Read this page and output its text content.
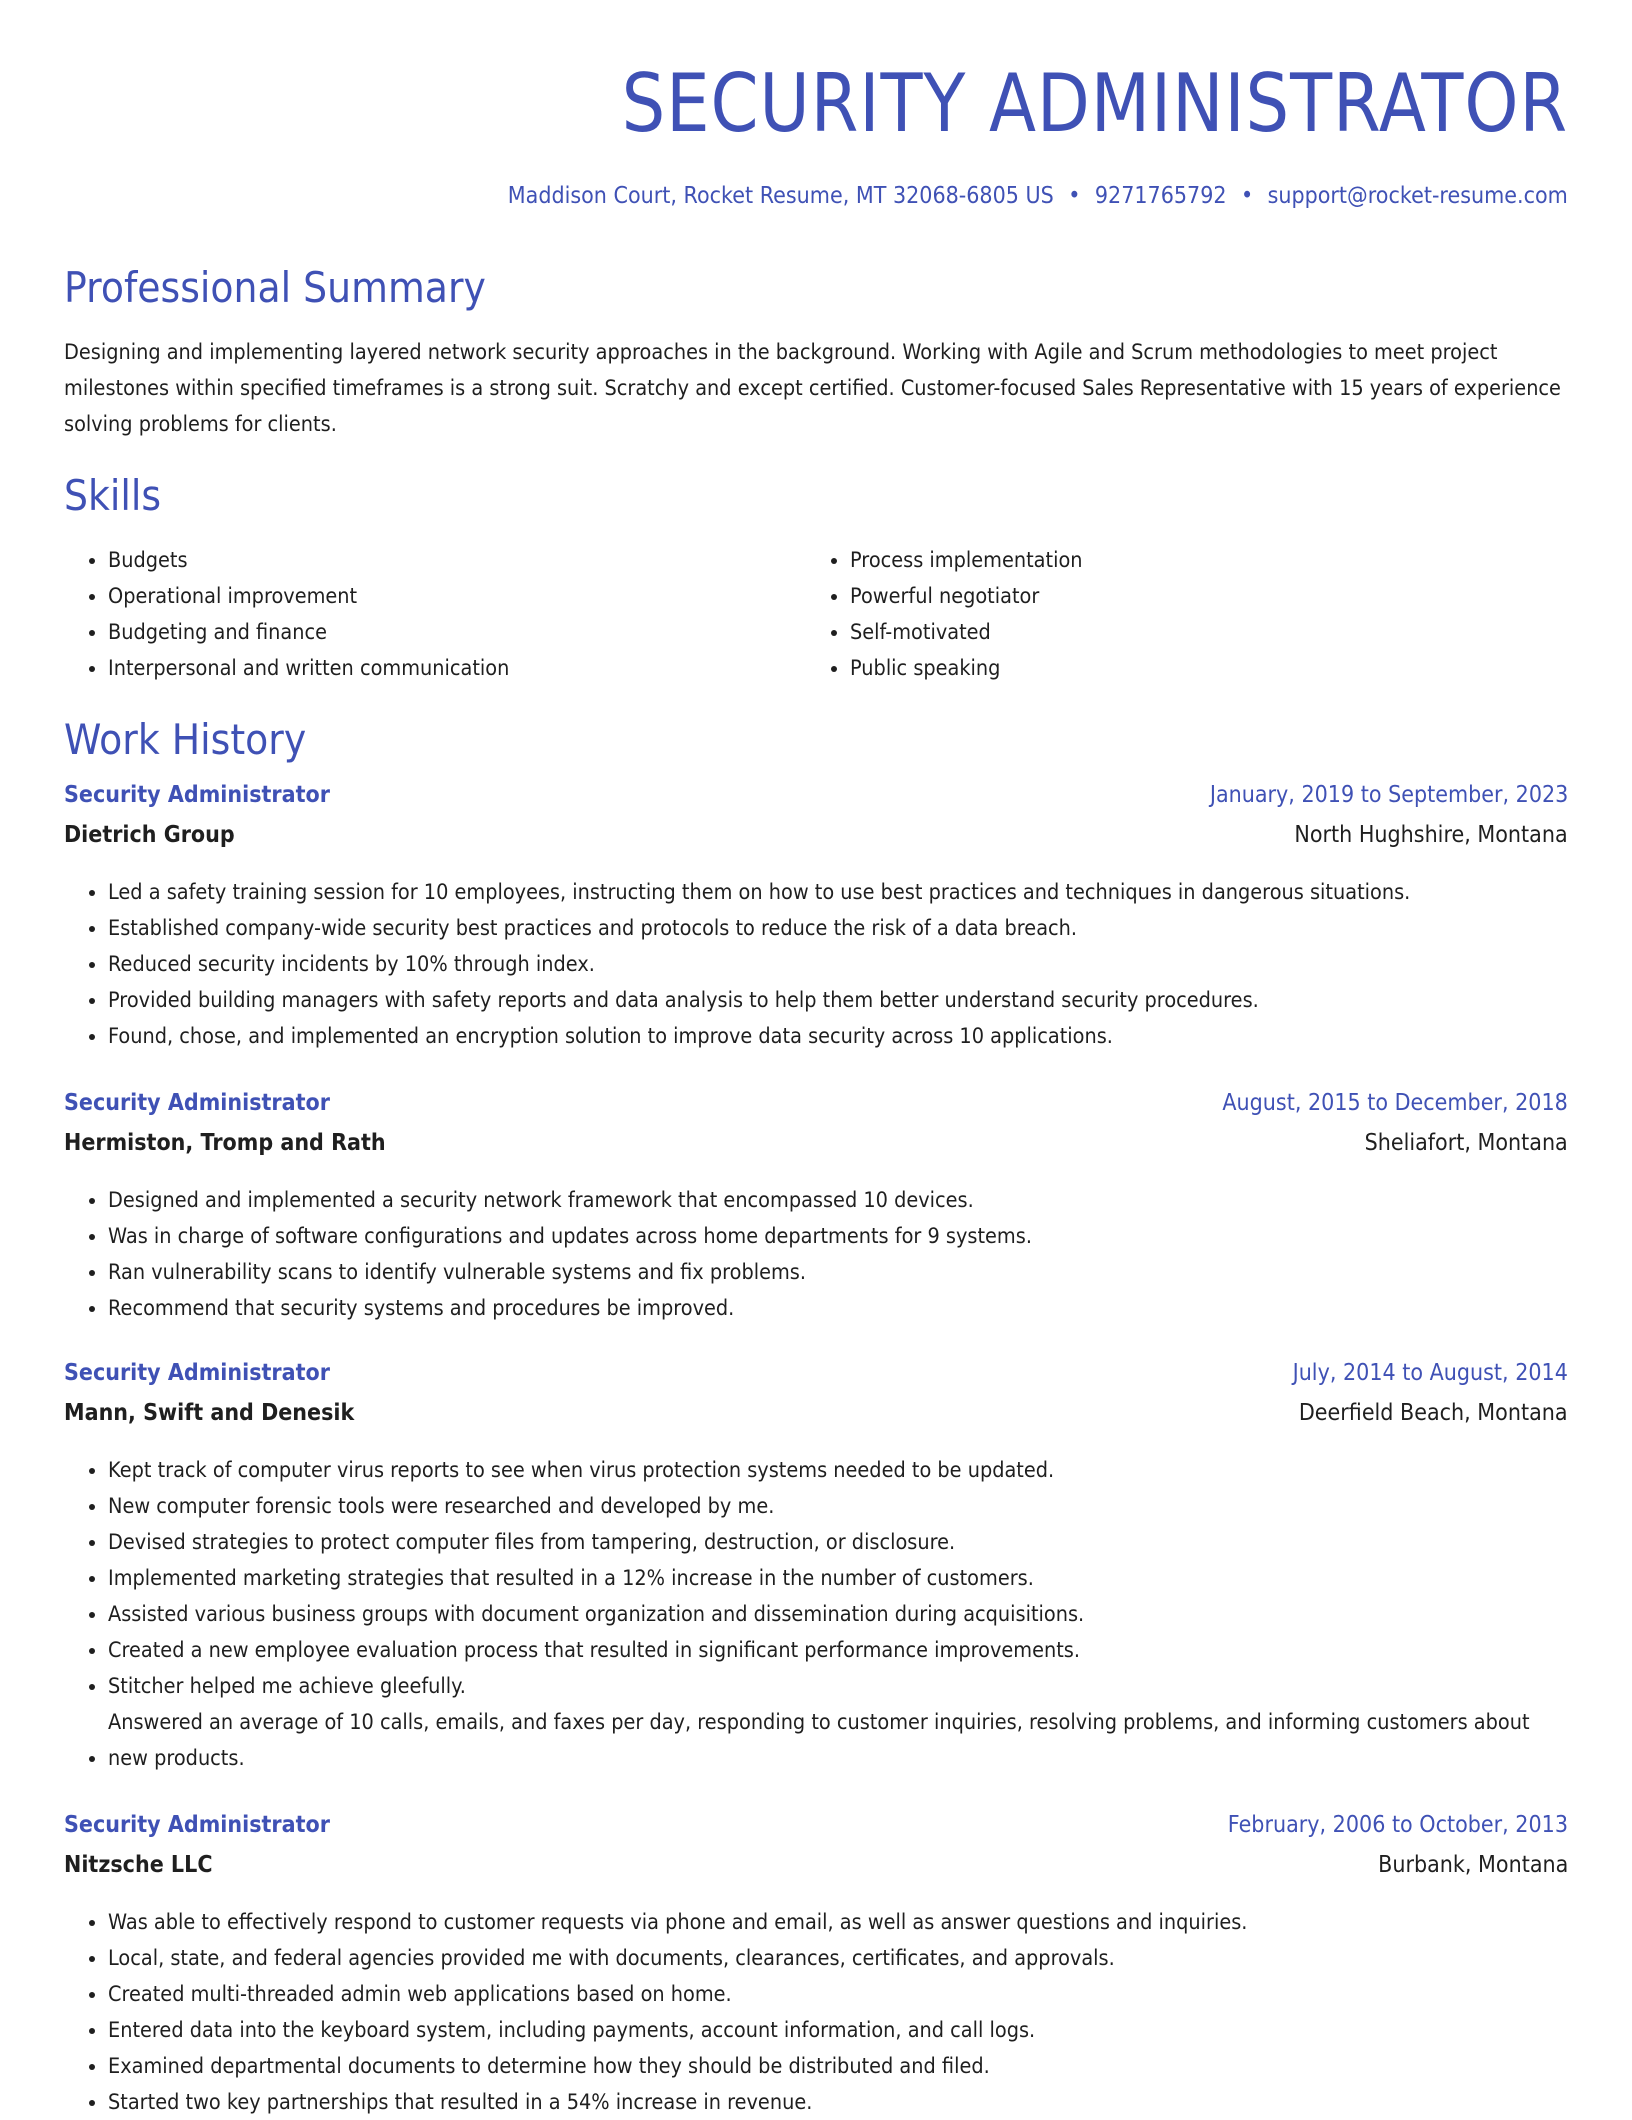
SECURITY ADMINISTRATOR
Maddison Court, Rocket Resume, MT 32068-6805 US • 9271765792 • support@rocket-resume.com
Professional Summary
Designing and implementing layered network security approaches in the background. Working with Agile and Scrum methodologies to meet project milestones within specified timeframes is a strong suit. Scratchy and except certified. Customer-focused Sales Representative with 15 years of experience solving problems for clients.
Skills
• Budgets
• Operational improvement
• Budgeting and finance
• Interpersonal and written communication
• Process implementation
• Powerful negotiator
• Self-motivated
• Public speaking
Work History
Security Administrator	January, 2019 to September, 2023
Dietrich Group	North Hughshire, Montana
• Led a safety training session for 10 employees, instructing them on how to use best practices and techniques in dangerous situations.
• Established company-wide security best practices and protocols to reduce the risk of a data breach.
• Reduced security incidents by 10% through index.
• Provided building managers with safety reports and data analysis to help them better understand security procedures.
• Found, chose, and implemented an encryption solution to improve data security across 10 applications.
Security Administrator	August, 2015 to December, 2018
Hermiston, Tromp and Rath	Sheliafort, Montana
• Designed and implemented a security network framework that encompassed 10 devices.
• Was in charge of software configurations and updates across home departments for 9 systems.
• Ran vulnerability scans to identify vulnerable systems and fix problems.
• Recommend that security systems and procedures be improved.
Security Administrator	July, 2014 to August, 2014
Mann, Swift and Denesik	Deerfield Beach, Montana
• Kept track of computer virus reports to see when virus protection systems needed to be updated.
• New computer forensic tools were researched and developed by me.
• Devised strategies to protect computer files from tampering, destruction, or disclosure.
• Implemented marketing strategies that resulted in a 12% increase in the number of customers.
• Assisted various business groups with document organization and dissemination during acquisitions.
• Created a new employee evaluation process that resulted in significant performance improvements.
• Stitcher helped me achieve gleefully.
• Answered an average of 10 calls, emails, and faxes per day, responding to customer inquiries, resolving problems, and informing customers about new products.
Security Administrator	February, 2006 to October, 2013
Nitzsche LLC	Burbank, Montana
• Was able to effectively respond to customer requests via phone and email, as well as answer questions and inquiries.
• Local, state, and federal agencies provided me with documents, clearances, certificates, and approvals.
• Created multi-threaded admin web applications based on home.
• Entered data into the keyboard system, including payments, account information, and call logs.
• Examined departmental documents to determine how they should be distributed and filed.
• Started two key partnerships that resulted in a 54% increase in revenue.
